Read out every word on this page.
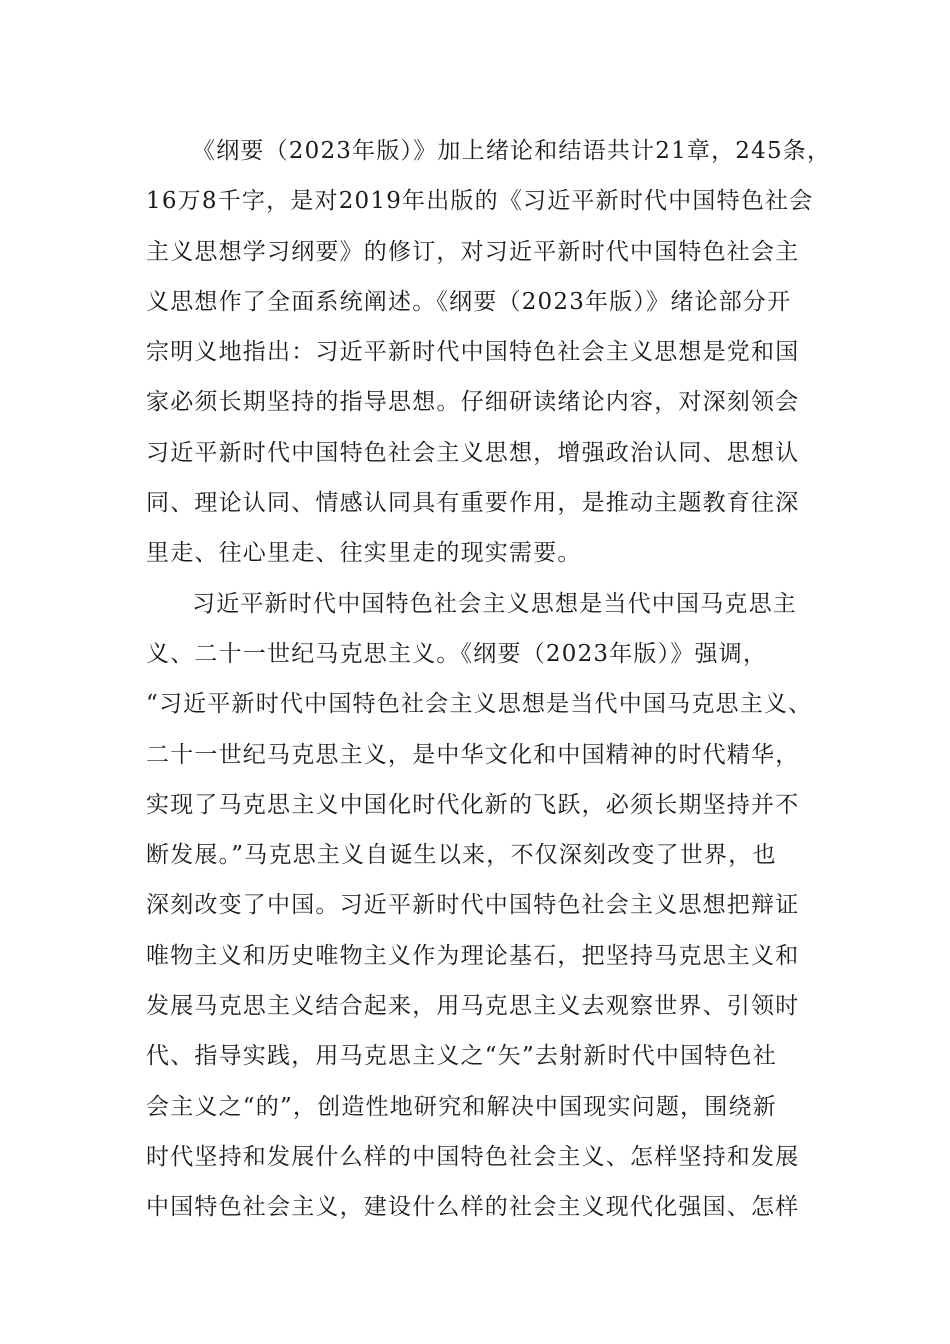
《纲要（2023年版）》加上绪论和结语共计21章，245条，
16万8千字，是对2019年出版的《习近平新时代中国特色社会
主义思想学习纲要》的修订，对习近平新时代中国特色社会主
义思想作了全面系统阐述。《纲要（2023年版）》绪论部分开
宗明义地指出：习近平新时代中国特色社会主义思想是党和国
家必须长期坚持的指导思想。仔细研读绪论内容，对深刻领会
习近平新时代中国特色社会主义思想，增强政治认同、思想认
同、理论认同、情感认同具有重要作用，是推动主题教育往深
里走、往心里走、往实里走的现实需要。
习近平新时代中国特色社会主义思想是当代中国马克思主
义、二十一世纪马克思主义。《纲要（2023年版）》强调，
“习近平新时代中国特色社会主义思想是当代中国马克思主义、
二十一世纪马克思主义，是中华文化和中国精神的时代精华，
实现了马克思主义中国化时代化新的飞跃，必须长期坚持并不
断发展。”马克思主义自诞生以来，不仅深刻改变了世界，也
深刻改变了中国。习近平新时代中国特色社会主义思想把辩证
唯物主义和历史唯物主义作为理论基石，把坚持马克思主义和
发展马克思主义结合起来，用马克思主义去观察世界、引领时
代、指导实践，用马克思主义之“矢”去射新时代中国特色社
会主义之“的”，创造性地研究和解决中国现实问题，围绕新
时代坚持和发展什么样的中国特色社会主义、怎样坚持和发展
中国特色社会主义，建设什么样的社会主义现代化强国、怎样
